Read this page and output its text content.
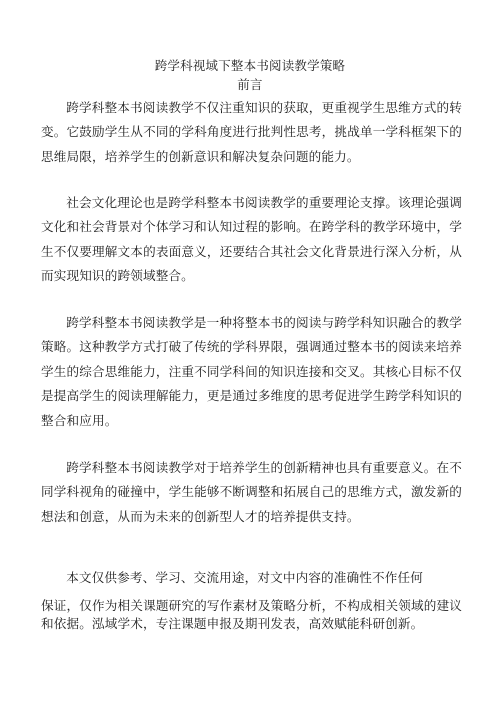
跨学科视域下整本书阅读教学策略
前言

跨学科整本书阅读教学不仅注重知识的获取，更重视学生思维方式的转变。它鼓励学生从不同的学科角度进行批判性思考，挑战单一学科框架下的思维局限，培养学生的创新意识和解决复杂问题的能力。

社会文化理论也是跨学科整本书阅读教学的重要理论支撑。该理论强调文化和社会背景对个体学习和认知过程的影响。在跨学科的教学环境中，学生不仅要理解文本的表面意义，还要结合其社会文化背景进行深入分析，从而实现知识的跨领域整合。

跨学科整本书阅读教学是一种将整本书的阅读与跨学科知识融合的教学策略。这种教学方式打破了传统的学科界限，强调通过整本书的阅读来培养学生的综合思维能力，注重不同学科间的知识连接和交叉。其核心目标不仅是提高学生的阅读理解能力，更是通过多维度的思考促进学生跨学科知识的整合和应用。

跨学科整本书阅读教学对于培养学生的创新精神也具有重要意义。在不同学科视角的碰撞中，学生能够不断调整和拓展自己的思维方式，激发新的想法和创意，从而为未来的创新型人才的培养提供支持。

本文仅供参考、学习、交流用途，对文中内容的准确性不作任何
保证，仅作为相关课题研究的写作素材及策略分析，不构成相关领域的建议和依据。泓域学术，专注课题申报及期刊发表，高效赋能科研创新。
